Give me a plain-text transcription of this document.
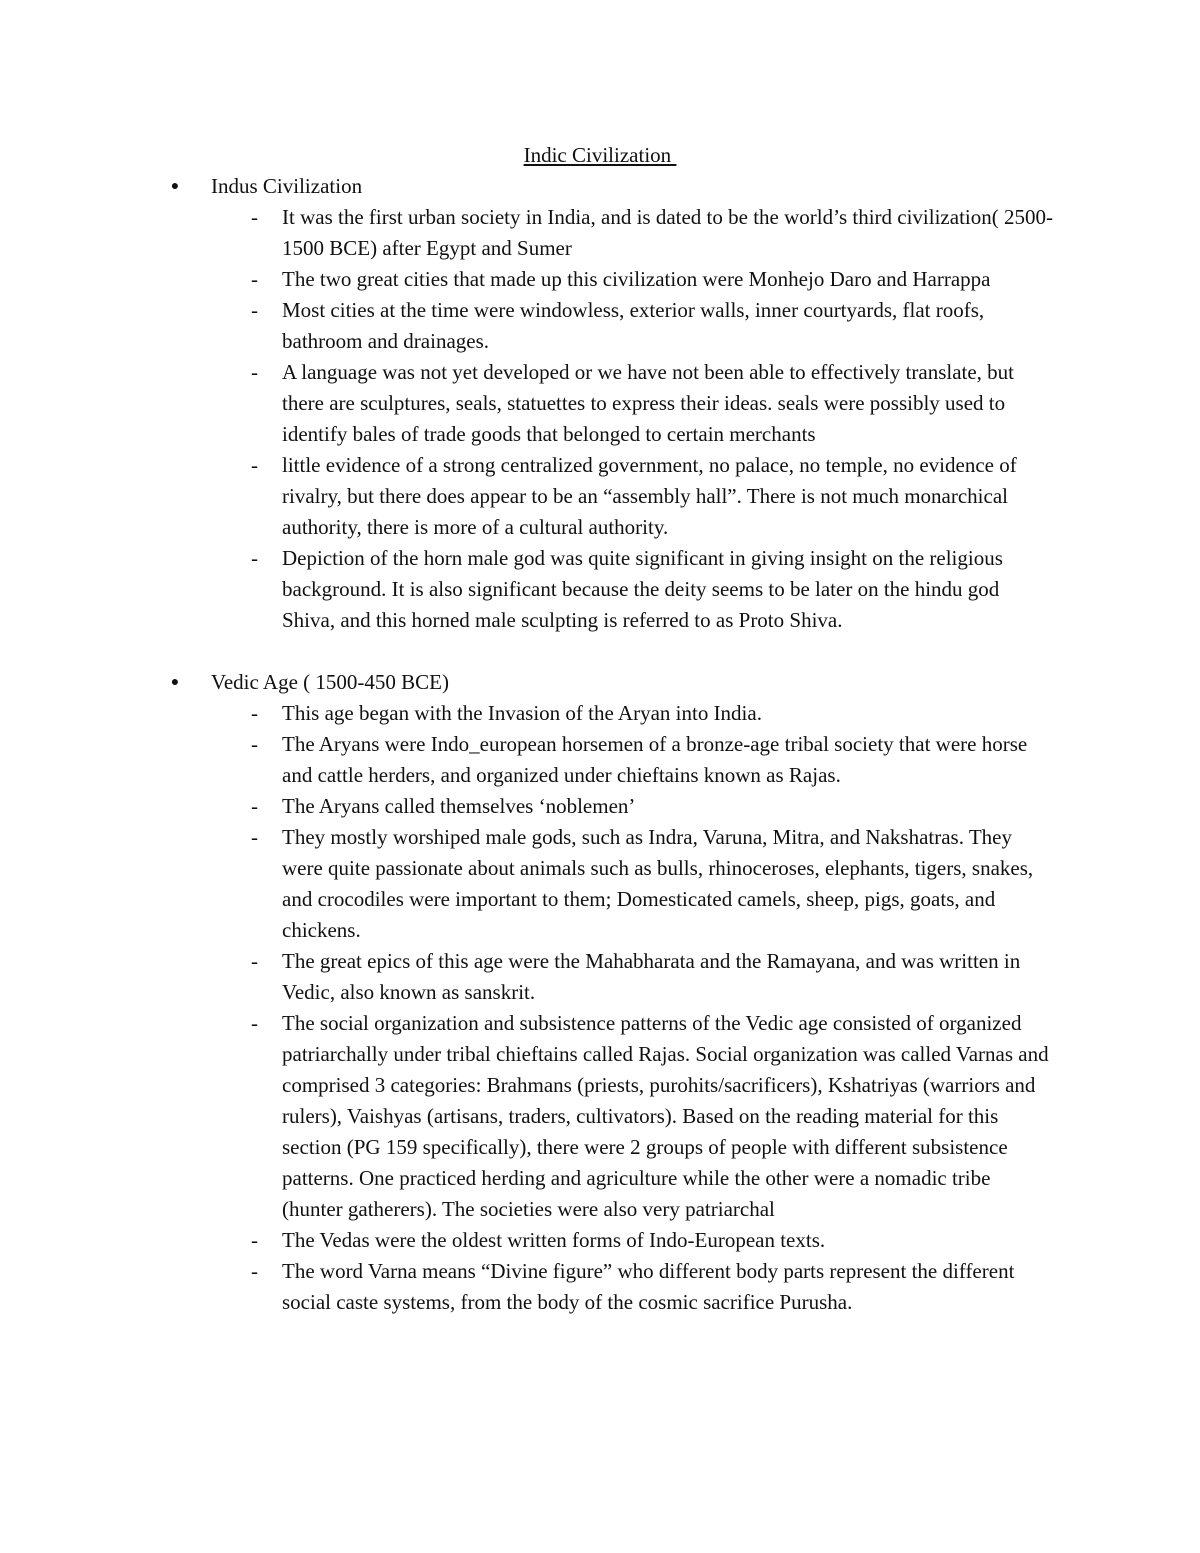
Indic Civilization
● Indus Civilization
- It was the first urban society in India, and is dated to be the world’s third civilization( 2500-1500 BCE) after Egypt and Sumer
- The two great cities that made up this civilization were Monhejo Daro and Harrappa
- Most cities at the time were windowless, exterior walls, inner courtyards, flat roofs, bathroom and drainages.
- A language was not yet developed or we have not been able to effectively translate, but there are sculptures, seals, statuettes to express their ideas. seals were possibly used to identify bales of trade goods that belonged to certain merchants
- little evidence of a strong centralized government, no palace, no temple, no evidence of rivalry, but there does appear to be an “assembly hall”. There is not much monarchical authority, there is more of a cultural authority.
- Depiction of the horn male god was quite significant in giving insight on the religious background. It is also significant because the deity seems to be later on the hindu god Shiva, and this horned male sculpting is referred to as Proto Shiva.
● Vedic Age ( 1500-450 BCE)
- This age began with the Invasion of the Aryan into India.
- The Aryans were Indo_european horsemen of a bronze-age tribal society that were horse and cattle herders, and organized under chieftains known as Rajas.
- The Aryans called themselves ‘noblemen’
- They mostly worshiped male gods, such as Indra, Varuna, Mitra, and Nakshatras. They were quite passionate about animals such as bulls, rhinoceroses, elephants, tigers, snakes, and crocodiles were important to them; Domesticated camels, sheep, pigs, goats, and chickens.
- The great epics of this age were the Mahabharata and the Ramayana, and was written in Vedic, also known as sanskrit.
- The social organization and subsistence patterns of the Vedic age consisted of organized patriarchally under tribal chieftains called Rajas. Social organization was called Varnas and comprised 3 categories: Brahmans (priests, purohits/sacrificers), Kshatriyas (warriors and rulers), Vaishyas (artisans, traders, cultivators). Based on the reading material for this section (PG 159 specifically), there were 2 groups of people with different subsistence patterns. One practiced herding and agriculture while the other were a nomadic tribe (hunter gatherers). The societies were also very patriarchal
- The Vedas were the oldest written forms of Indo-European texts.
- The word Varna means “Divine figure” who different body parts represent the different social caste systems, from the body of the cosmic sacrifice Purusha.
